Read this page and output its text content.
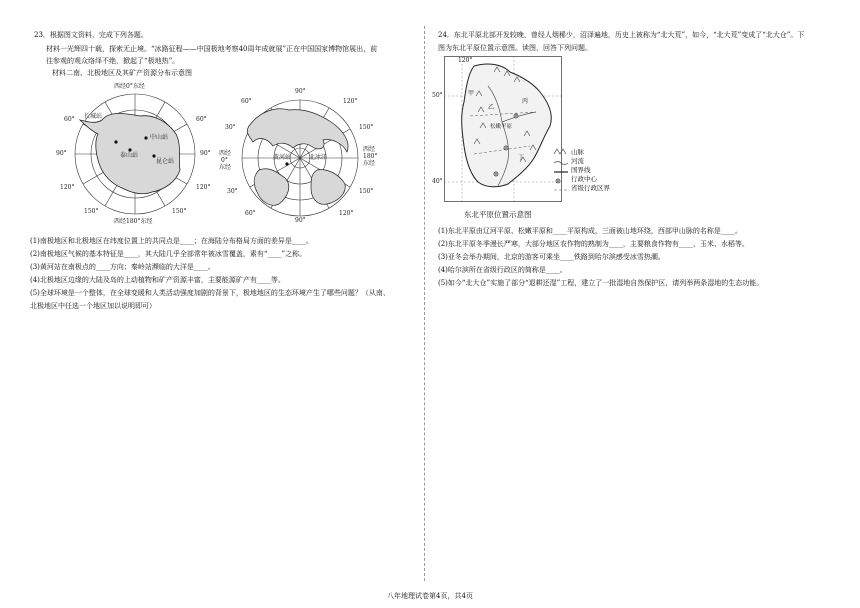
23．根据图文资料，完成下列各题。
材料一光辉四十载，探索无止境。“冰路征程——中国极地考察40周年成就展”正在中国国家博物馆展出，前
往参观的观众络绎不绝，掀起了“极地热”。
材料二南、北极地区及其矿产资源分布示意图
西经0°东经
西经180°东经
60°	60°
90°	90°
120°	120°
150°	150°
长城站
中山站
泰山站
昆仑站
60°
90°
120°
30°	150°
西经
0°
东经
西经
180°
东经
30°	150°
60°
90°
120°
黄河站	北冰洋
(1)南极地区和北极地区在纬度位置上的共同点是____；在海陆分布格局方面的差异是____。
(2)南极地区气候的基本特征是____，其大陆几乎全部常年被冰雪覆盖，素有“____”之称。
(3)黄河站在南极点的____方向；秦岭站濒临的大洋是____。
(4)北极地区边缘的大陆及岛的上动植物和矿产资源丰富，主要能源矿产有____等。
(5)全球环境是一个整体，在全球变暖和人类活动强度加剧的背景下，极地地区的生态环境产生了哪些问题？（从南、
北极地区中任选一个地区加以说明即可）
24．东北平原北部开发较晚，曾经人烟稀少，沼泽遍地，历史上被称为“北大荒”，如今，“北大荒”变成了“北大仓”。下
图为东北平原位置示意图。读图，回答下列问题。
120°
50°
40°
松嫩平原
甲
乙
丙
丁
山脉
河流
国界线
行政中心
省级行政区界
东北平原位置示意图
(1)东北平原由辽河平原、松嫩平原和____平原构成，三面被山地环绕，西部甲山脉的名称是____。
(2)东北平原冬季漫长严寒，大部分地区农作物的熟制为____，主要粮食作物有____、玉米、水稻等。
(3)亚冬会举办期间，北京的游客可乘坐____铁路到哈尔滨感受冰雪热潮。
(4)哈尔滨所在省级行政区的简称是____。
(5)如今“北大仓”实施了部分“退耕还湿”工程，建立了一批湿地自然保护区，请列举两条湿地的生态功能。
八年地理试卷第4页，共4页
